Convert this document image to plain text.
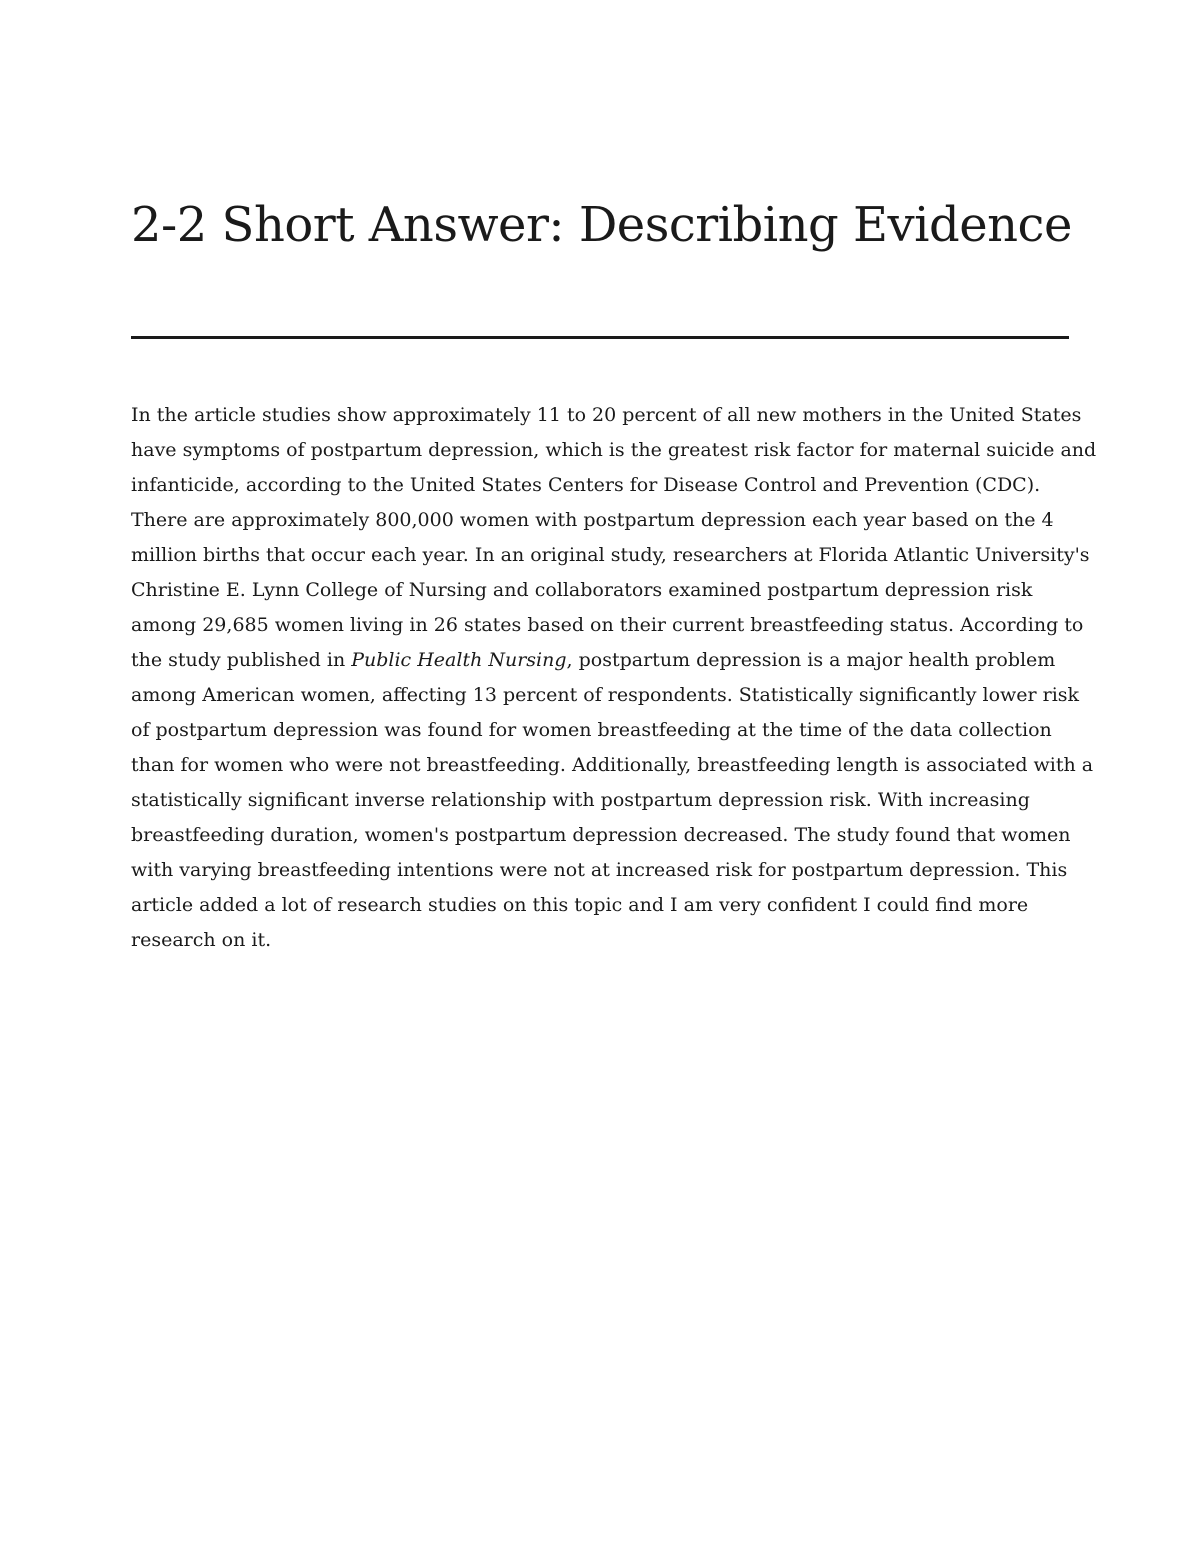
2-2 Short Answer: Describing Evidence
In the article studies show approximately 11 to 20 percent of all new mothers in the United States
have symptoms of postpartum depression, which is the greatest risk factor for maternal suicide and
infanticide, according to the United States Centers for Disease Control and Prevention (CDC).
There are approximately 800,000 women with postpartum depression each year based on the 4
million births that occur each year. In an original study, researchers at Florida Atlantic University's
Christine E. Lynn College of Nursing and collaborators examined postpartum depression risk
among 29,685 women living in 26 states based on their current breastfeeding status. According to
the study published in Public Health Nursing, postpartum depression is a major health problem
among American women, affecting 13 percent of respondents. Statistically significantly lower risk
of postpartum depression was found for women breastfeeding at the time of the data collection
than for women who were not breastfeeding. Additionally, breastfeeding length is associated with a
statistically significant inverse relationship with postpartum depression risk. With increasing
breastfeeding duration, women's postpartum depression decreased. The study found that women
with varying breastfeeding intentions were not at increased risk for postpartum depression. This
article added a lot of research studies on this topic and I am very confident I could find more
research on it.
